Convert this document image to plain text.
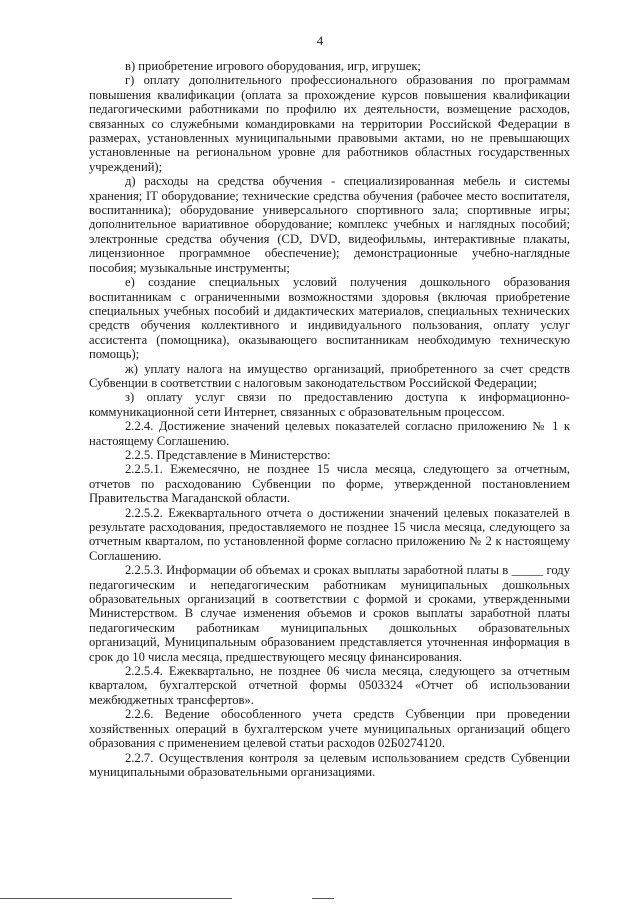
4

в) приобретение игрового оборудования, игр, игрушек;

г) оплату дополнительного профессионального образования по программам повышения квалификации (оплата за прохождение курсов повышения квалификации педагогическими работниками по профилю их деятельности, возмещение расходов, связанных со служебными командировками на территории Российской Федерации в размерах, установленных муниципальными правовыми актами, но не превышающих установленные на региональном уровне для работников областных государственных учреждений);

д) расходы на средства обучения - специализированная мебель и системы хранения; IT оборудование; технические средства обучения (рабочее место воспитателя, воспитанника); оборудование универсального спортивного зала; спортивные игры; дополнительное вариативное оборудование; комплекс учебных и наглядных пособий; электронные средства обучения (CD, DVD, видеофильмы, интерактивные плакаты, лицензионное программное обеспечение); демонстрационные учебно-наглядные пособия; музыкальные инструменты;

е) создание специальных условий получения дошкольного образования воспитанникам с ограниченными возможностями здоровья (включая приобретение специальных учебных пособий и дидактических материалов, специальных технических средств обучения коллективного и индивидуального пользования, оплату услуг ассистента (помощника), оказывающего воспитанникам необходимую техническую помощь);

ж) уплату налога на имущество организаций, приобретенного за счет средств Субвенции в соответствии с налоговым законодательством Российской Федерации;

з) оплату услуг связи по предоставлению доступа к информационно-коммуникационной сети Интернет, связанных с образовательным процессом.

2.2.4. Достижение значений целевых показателей согласно приложению № 1 к настоящему Соглашению.

2.2.5. Представление в Министерство:

2.2.5.1. Ежемесячно, не позднее 15 числа месяца, следующего за отчетным, отчетов по расходованию Субвенции по форме, утвержденной постановлением Правительства Магаданской области.

2.2.5.2. Ежеквартального отчета о достижении значений целевых показателей в результате расходования, предоставляемого не позднее 15 числа месяца, следующего за отчетным кварталом, по установленной форме согласно приложению № 2 к настоящему Соглашению.

2.2.5.3. Информации об объемах и сроках выплаты заработной платы в _____ году педагогическим и непедагогическим работникам муниципальных дошкольных образовательных организаций в соответствии с формой и сроками, утвержденными Министерством. В случае изменения объемов и сроков выплаты заработной платы педагогическим работникам муниципальных дошкольных образовательных организаций, Муниципальным образованием представляется уточненная информация в срок до 10 числа месяца, предшествующего месяцу финансирования.

2.2.5.4. Ежеквартально, не позднее 06 числа месяца, следующего за отчетным кварталом, бухгалтерской отчетной формы 0503324 «Отчет об использовании межбюджетных трансфертов».

2.2.6. Ведение обособленного учета средств Субвенции при проведении хозяйственных операций в бухгалтерском учете муниципальных организаций общего образования с применением целевой статьи расходов 02Б0274120.

2.2.7. Осуществления контроля за целевым использованием средств Субвенции муниципальными образовательными организациями.
